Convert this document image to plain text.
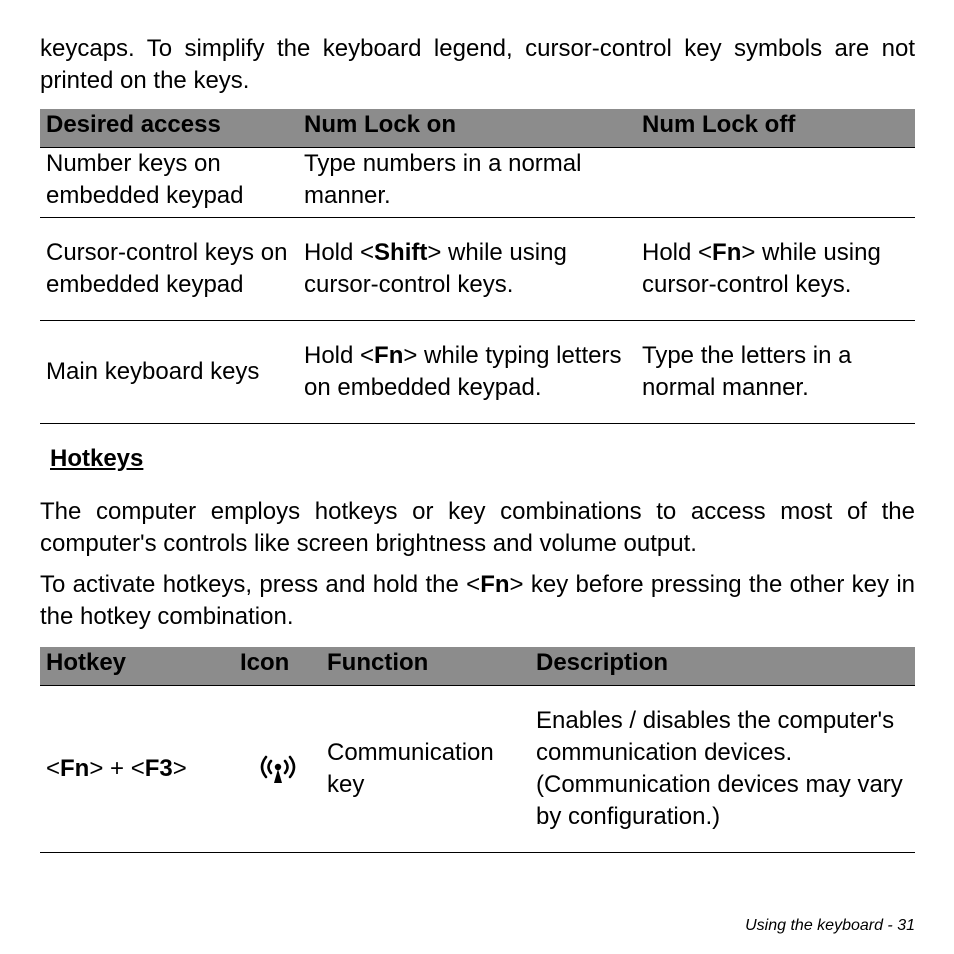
keycaps. To simplify the keyboard legend, cursor-control key symbols are not printed on the keys.

Desired access	Num Lock on	Num Lock off
Number keys on embedded keypad	Type numbers in a normal manner.	
Cursor-control keys on embedded keypad	Hold <Shift> while using cursor-control keys.	Hold <Fn> while using cursor-control keys.
Main keyboard keys	Hold <Fn> while typing letters on embedded keypad.	Type the letters in a normal manner.
Hotkeys

The computer employs hotkeys or key combinations to access most of the computer's controls like screen brightness and volume output.

To activate hotkeys, press and hold the <Fn> key before pressing the other key in the hotkey combination.

Hotkey	Icon	Function	Description
<Fn> + <F3>		Communication key	Enables / disables the computer's communication devices. (Communication devices may vary by configuration.)
Using the keyboard - 31
